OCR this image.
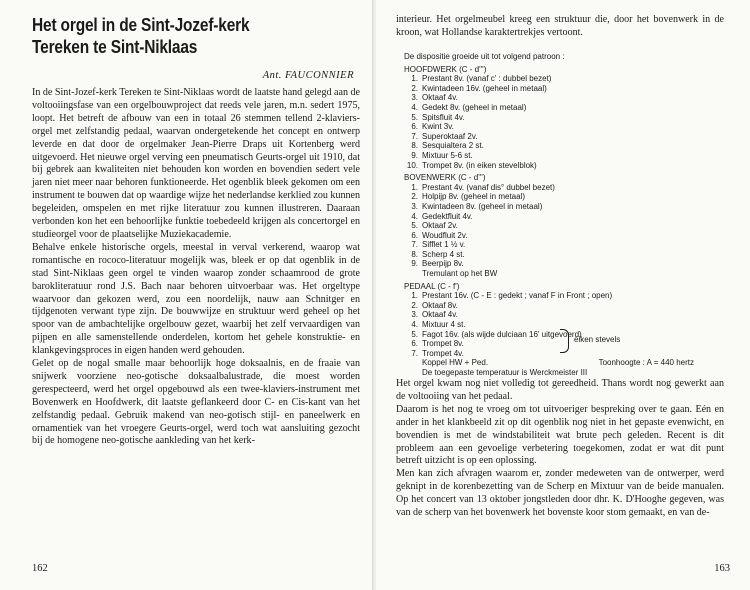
Het orgel in de Sint-Jozef-kerk
Tereken te Sint-Niklaas
Ant. FAUCONNIER

In de Sint-Jozef-kerk Tereken te Sint-Niklaas wordt de laatste hand gelegd aan de voltooiingsfase van een orgelbouwproject dat reeds vele jaren, m.n. sedert 1975, loopt. Het betreft de afbouw van een in totaal 26 stemmen tellend 2-klaviers-orgel met zelfstandig pedaal, waarvan ondergetekende het concept en ontwerp leverde en dat door de orgelmaker Jean-Pierre Draps uit Kortenberg werd uitgevoerd. Het nieuwe orgel verving een pneumatisch Geurts-orgel uit 1910, dat bij gebrek aan kwaliteiten niet behouden kon worden en bovendien sedert vele jaren niet meer naar behoren funktioneerde. Het ogenblik bleek gekomen om een instrument te bouwen dat op waardige wijze het nederlandse kerklied zou kunnen begeleiden, omspelen en met rijke literatuur zou kunnen illustreren. Daaraan verbonden kon het een behoorlijke funktie toebedeeld krijgen als concertorgel en studieorgel voor de plaatselijke Muziekacademie.

Behalve enkele historische orgels, meestal in verval verkerend, waarop wat romantische en rococo-literatuur mogelijk was, bleek er op dat ogenblik in de stad Sint-Niklaas geen orgel te vinden waarop zonder schaamrood de grote barokliteratuur rond J.S. Bach naar behoren uitvoerbaar was. Het orgeltype waarvoor dan gekozen werd, zou een noordelijk, nauw aan Schnitger en tijdgenoten verwant type zijn. De bouwwijze en struktuur werd geheel op het spoor van de ambachtelijke orgelbouw gezet, waarbij het zelf vervaardigen van pijpen en alle samenstellende onderdelen, kortom het gehele konstruktie- en klankgevingsproces in eigen handen werd gehouden.

Gelet op de nogal smalle maar behoorlijk hoge doksaalnis, en de fraaie van snijwerk voorziene neo-gotische doksaalbalustrade, die moest worden gerespecteerd, werd het orgel opgebouwd als een twee-klaviers-instrument met Bovenwerk en Hoofdwerk, dit laatste geflankeerd door C- en Cis-kant van het zelfstandig pedaal. Gebruik makend van neo-gotisch stijl- en paneelwerk en ornamentiek van het vroegere Geurts-orgel, werd toch wat aansluiting gezocht bij de homogene neo-gotische aankleding van het kerk-

162

interieur. Het orgelmeubel kreeg een struktuur die, door het bovenwerk in de kroon, wat Hollandse karaktertrekjes vertoont.

De dispositie groeide uit tot volgend patroon :
HOOFDWERK (C - d''')
1. Prestant 8v. (vanaf c' : dubbel bezet)
2. Kwintadeen 16v. (geheel in metaal)
3. Oktaaf 4v.
4. Gedekt 8v. (geheel in metaal)
5. Spitsfluit 4v.
6. Kwint 3v.
7. Superoktaaf 2v.
8. Sesquialtera 2 st.
9. Mixtuur 5-6 st.
10. Trompet 8v. (in eiken stevelblok)
BOVENWERK (C - d''')
1. Prestant 4v. (vanaf dis° dubbel bezet)
2. Holpijp 8v. (geheel in metaal)
3. Kwintadeen 8v. (geheel in metaal)
4. Gedektfluit 4v.
5. Oktaaf 2v.
6. Woudfluit 2v.
7. Sifflet 1 ½ v.
8. Scherp 4 st.
9. Beerpijp 8v.
Tremulant op het BW
PEDAAL (C - f')
1. Prestant 16v. (C - E : gedekt ; vanaf F in Front ; open)
2. Oktaaf 8v.
3. Oktaaf 4v.
4. Mixtuur 4 st.
5. Fagot 16v. (als wijde dulciaan 16' uitgevoerd)
6. Trompet 8v.
7. Trompet 4v.
eiken stevels
Koppel HW + Ped.	Toonhoogte : A = 440 hertz
De toegepaste temperatuur is Werckmeister III

Het orgel kwam nog niet volledig tot gereedheid. Thans wordt nog gewerkt aan de voltooiing van het pedaal.

Daarom is het nog te vroeg om tot uitvoeriger bespreking over te gaan. Eén en ander in het klankbeeld zit op dit ogenblik nog niet in het gepaste evenwicht, en bovendien is met de windstabiliteit wat brute pech geleden. Recent is dit probleem aan een gevoelige verbetering toegekomen, zodat er wat dit punt betreft uitzicht is op een oplossing.

Men kan zich afvragen waarom er, zonder medeweten van de ontwerper, werd geknipt in de korenbezetting van de Scherp en Mixtuur van de beide manualen. Op het concert van 13 oktober jongstleden door dhr. K. D'Hooghe gegeven, was van de scherp van het bovenwerk het bovenste koor stom gemaakt, en van de-

163
